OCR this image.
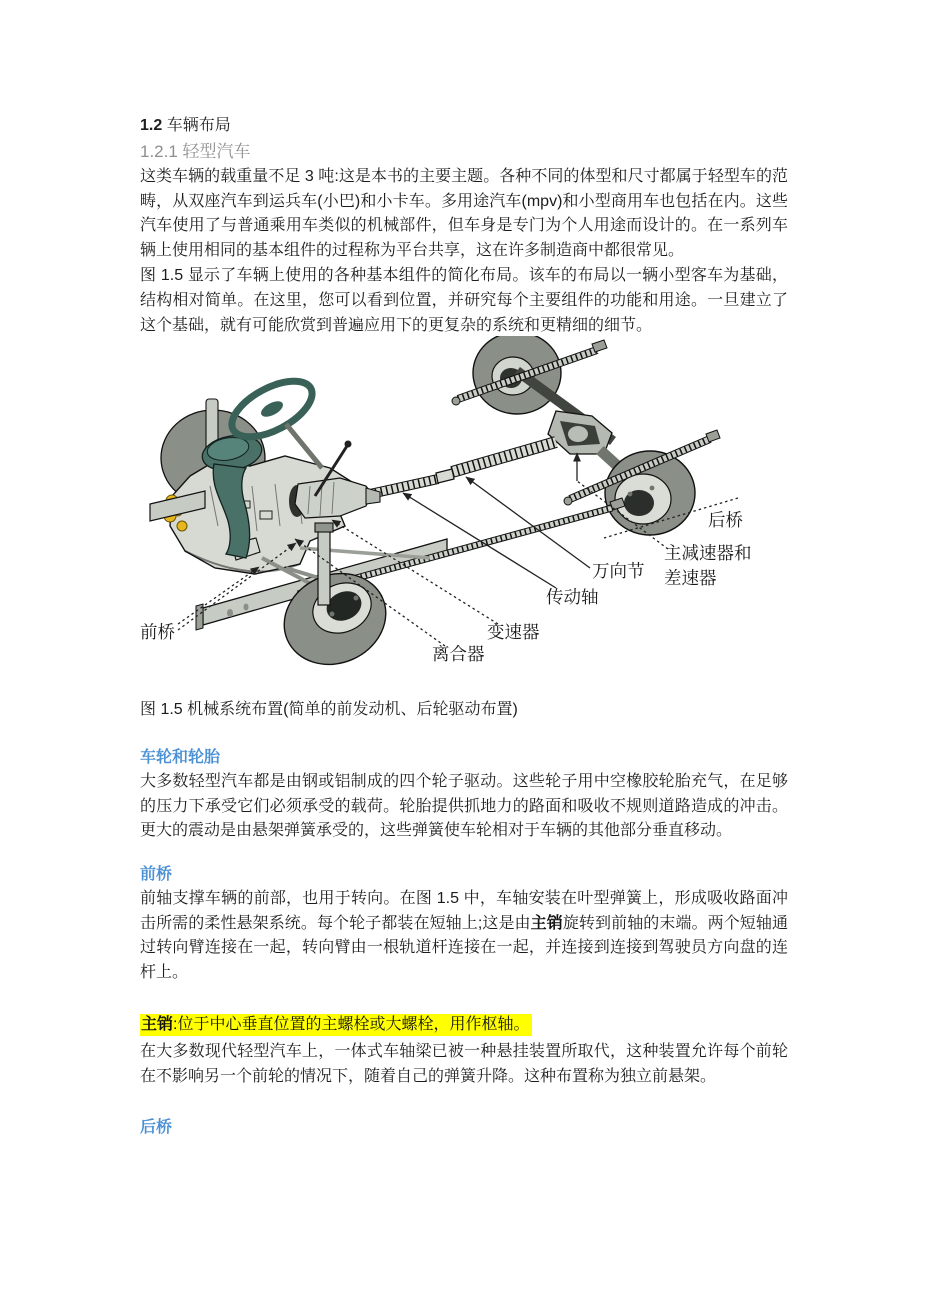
1.2 车辆布局
1.2.1 轻型汽车

这类车辆的载重量不足 3 吨:这是本书的主要主题。各种不同的体型和尺寸都属于轻型车的范畴，从双座汽车到运兵车(小巴)和小卡车。多用途汽车(mpv)和小型商用车也包括在内。这些汽车使用了与普通乘用车类似的机械部件，但车身是专门为个人用途而设计的。在一系列车辆上使用相同的基本组件的过程称为平台共享，这在许多制造商中都很常见。

图 1.5 显示了车辆上使用的各种基本组件的简化布局。该车的布局以一辆小型客车为基础，结构相对简单。在这里，您可以看到位置，并研究每个主要组件的功能和用途。一旦建立了这个基础，就有可能欣赏到普遍应用下的更复杂的系统和更精细的细节。

后桥
主减速器和
差速器
万向节
传动轴
变速器
离合器
前桥
图 1.5 机械系统布置(简单的前发动机、后轮驱动布置)
车轮和轮胎

大多数轻型汽车都是由钢或铝制成的四个轮子驱动。这些轮子用中空橡胶轮胎充气，在足够的压力下承受它们必须承受的载荷。轮胎提供抓地力的路面和吸收不规则道路造成的冲击。更大的震动是由悬架弹簧承受的，这些弹簧使车轮相对于车辆的其他部分垂直移动。

前桥

前轴支撑车辆的前部，也用于转向。在图 1.5 中，车轴安装在叶型弹簧上，形成吸收路面冲击所需的柔性悬架系统。每个轮子都装在短轴上;这是由主销旋转到前轴的末端。两个短轴通过转向臂连接在一起，转向臂由一根轨道杆连接在一起，并连接到连接到驾驶员方向盘的连杆上。

主销:位于中心垂直位置的主螺栓或大螺栓，用作枢轴。

在大多数现代轻型汽车上，一体式车轴梁已被一种悬挂装置所取代，这种装置允许每个前轮在不影响另一个前轮的情况下，随着自己的弹簧升降。这种布置称为独立前悬架。

后桥
